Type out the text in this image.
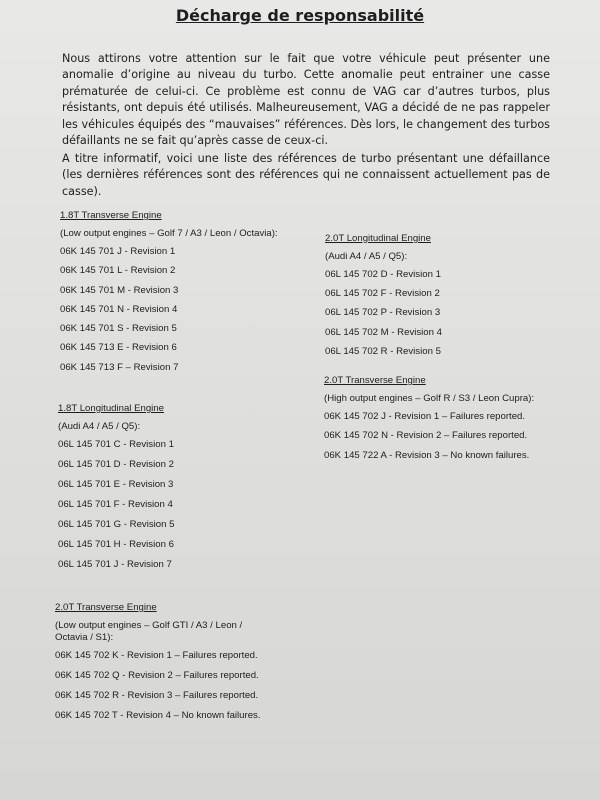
Décharge de responsabilité
Nous attirons votre attention sur le fait que votre véhicule peut présenter une anomalie d’origine au niveau du turbo. Cette anomalie peut entrainer une casse prématurée de celui-ci. Ce problème est connu de VAG car d’autres turbos, plus résistants, ont depuis été utilisés. Malheureusement, VAG a décidé de ne pas rappeler les véhicules équipés des “mauvaises” références. Dès lors, le changement des turbos défaillants ne se fait qu’après casse de ceux-ci.
A titre informatif, voici une liste des références de turbo présentant une défaillance (les dernières références sont des références qui ne connaissent actuellement pas de casse).
1.8T Transverse Engine
(Low output engines – Golf 7 / A3 / Leon / Octavia):
06K 145 701 J - Revision 1
06K 145 701 L - Revision 2
06K 145 701 M - Revision 3
06K 145 701 N - Revision 4
06K 145 701 S - Revision 5
06K 145 713 E - Revision 6
06K 145 713 F – Revision 7
1.8T Longitudinal Engine
(Audi A4 / A5 / Q5):
06L 145 701 C - Revision 1
06L 145 701 D - Revision 2
06L 145 701 E - Revision 3
06L 145 701 F - Revision 4
06L 145 701 G - Revision 5
06L 145 701 H - Revision 6
06L 145 701 J - Revision 7
2.0T Transverse Engine
(Low output engines – Golf GTI / A3 / Leon / Octavia / S1):
06K 145 702 K - Revision 1 – Failures reported.
06K 145 702 Q - Revision 2 – Failures reported.
06K 145 702 R - Revision 3 – Failures reported.
06K 145 702 T - Revision 4 – No known failures.
2.0T Longitudinal Engine
(Audi A4 / A5 / Q5):
06L 145 702 D - Revision 1
06L 145 702 F - Revision 2
06L 145 702 P - Revision 3
06L 145 702 M - Revision 4
06L 145 702 R - Revision 5
2.0T Transverse Engine
(High output engines – Golf R / S3 / Leon Cupra):
06K 145 702 J - Revision 1 – Failures reported.
06K 145 702 N - Revision 2 – Failures reported.
06K 145 722 A - Revision 3 – No known failures.
